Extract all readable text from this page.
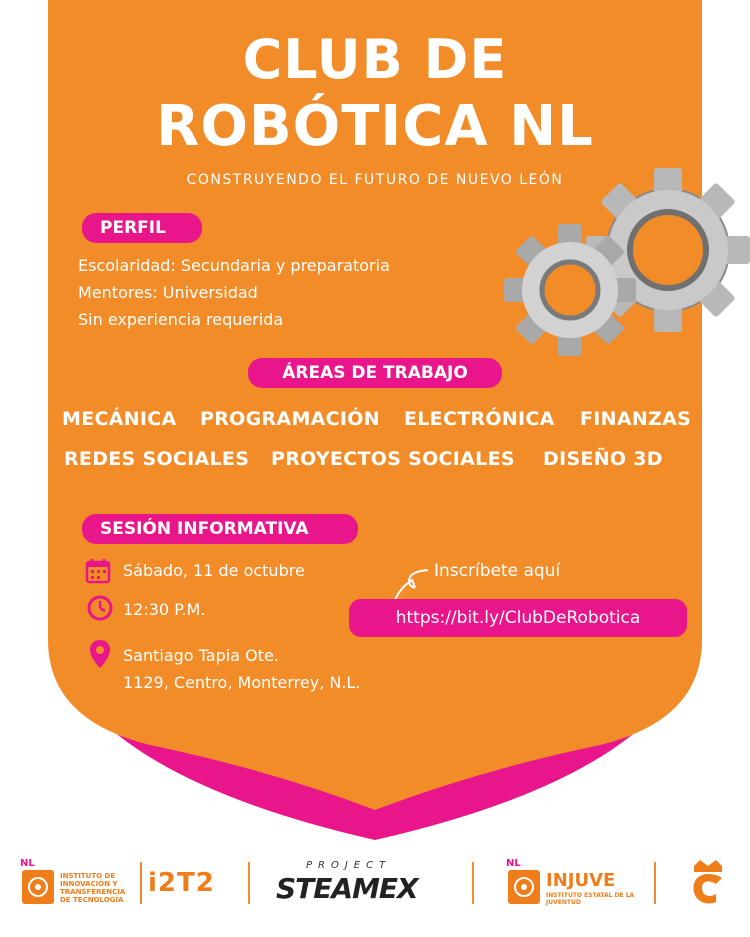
CLUB DE
ROBÓTICA NL
CONSTRUYENDO EL FUTURO DE NUEVO LEÓN
PERFIL
Escolaridad: Secundaria y preparatoria
Mentores: Universidad
Sin experiencia requerida
ÁREAS DE TRABAJO
MECÁNICA PROGRAMACIÓN ELECTRÓNICA FINANZAS
REDES SOCIALES PROYECTOS SOCIALES DISEÑO 3D
SESIÓN INFORMATIVA
Sábado, 11 de octubre
12:30 P.M.
Santiago Tapia Ote.
1129, Centro, Monterrey, N.L.
Inscríbete aquí
https://bit.ly/ClubDeRobotica
NL
INSTITUTO DE INNOVACIÓN Y TRANSFERENCIA DE TECNOLOGÍA
i2T2
PROJECT
STEAMEX
NL
INJUVE
INSTITUTO ESTATAL DE LA JUVENTUD
